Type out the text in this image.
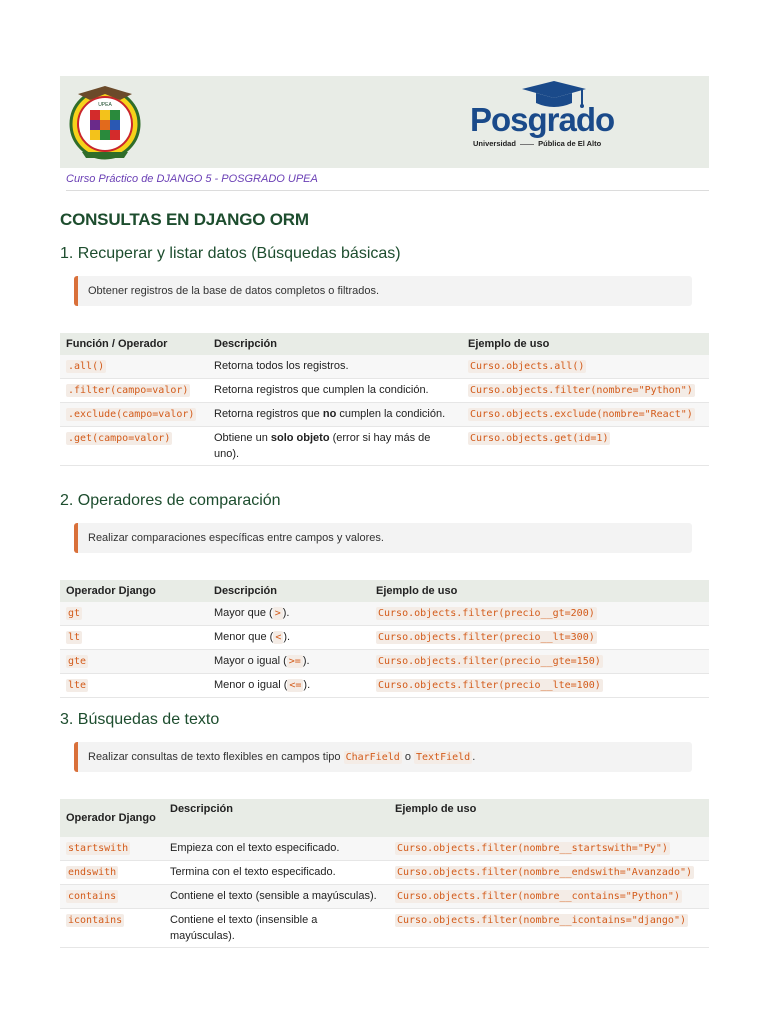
UPEA	Posgrado
Universidad	Pública de El Alto
Curso Práctico de DJANGO 5 - POSGRADO UPEA
CONSULTAS EN DJANGO ORM
1. Recuperar y listar datos (Búsquedas básicas)
Obtener registros de la base de datos completos o filtrados.
Función / Operador	Descripción	Ejemplo de uso
.all()	Retorna todos los registros.	Curso.objects.all()
.filter(campo=valor)	Retorna registros que cumplen la condición.	Curso.objects.filter(nombre="Python")
.exclude(campo=valor)	Retorna registros que no cumplen la condición.	Curso.objects.exclude(nombre="React")
.get(campo=valor)	Obtiene un solo objeto (error si hay más de uno).	Curso.objects.get(id=1)
2. Operadores de comparación
Realizar comparaciones específicas entre campos y valores.
Operador Django	Descripción	Ejemplo de uso
gt	Mayor que ( > ).	Curso.objects.filter(precio__gt=200)
lt	Menor que ( < ).	Curso.objects.filter(precio__lt=300)
gte	Mayor o igual ( >= ).	Curso.objects.filter(precio__gte=150)
lte	Menor o igual ( <= ).	Curso.objects.filter(precio__lte=100)
3. Búsquedas de texto
Realizar consultas de texto flexibles en campos tipo CharField o TextField .
Operador Django	Descripción	Ejemplo de uso
startswith	Empieza con el texto especificado.	Curso.objects.filter(nombre__startswith="Py")
endswith	Termina con el texto especificado.	Curso.objects.filter(nombre__endswith="Avanzado")
contains	Contiene el texto (sensible a mayúsculas).	Curso.objects.filter(nombre__contains="Python")
icontains	Contiene el texto (insensible a mayúsculas).	Curso.objects.filter(nombre__icontains="django")
